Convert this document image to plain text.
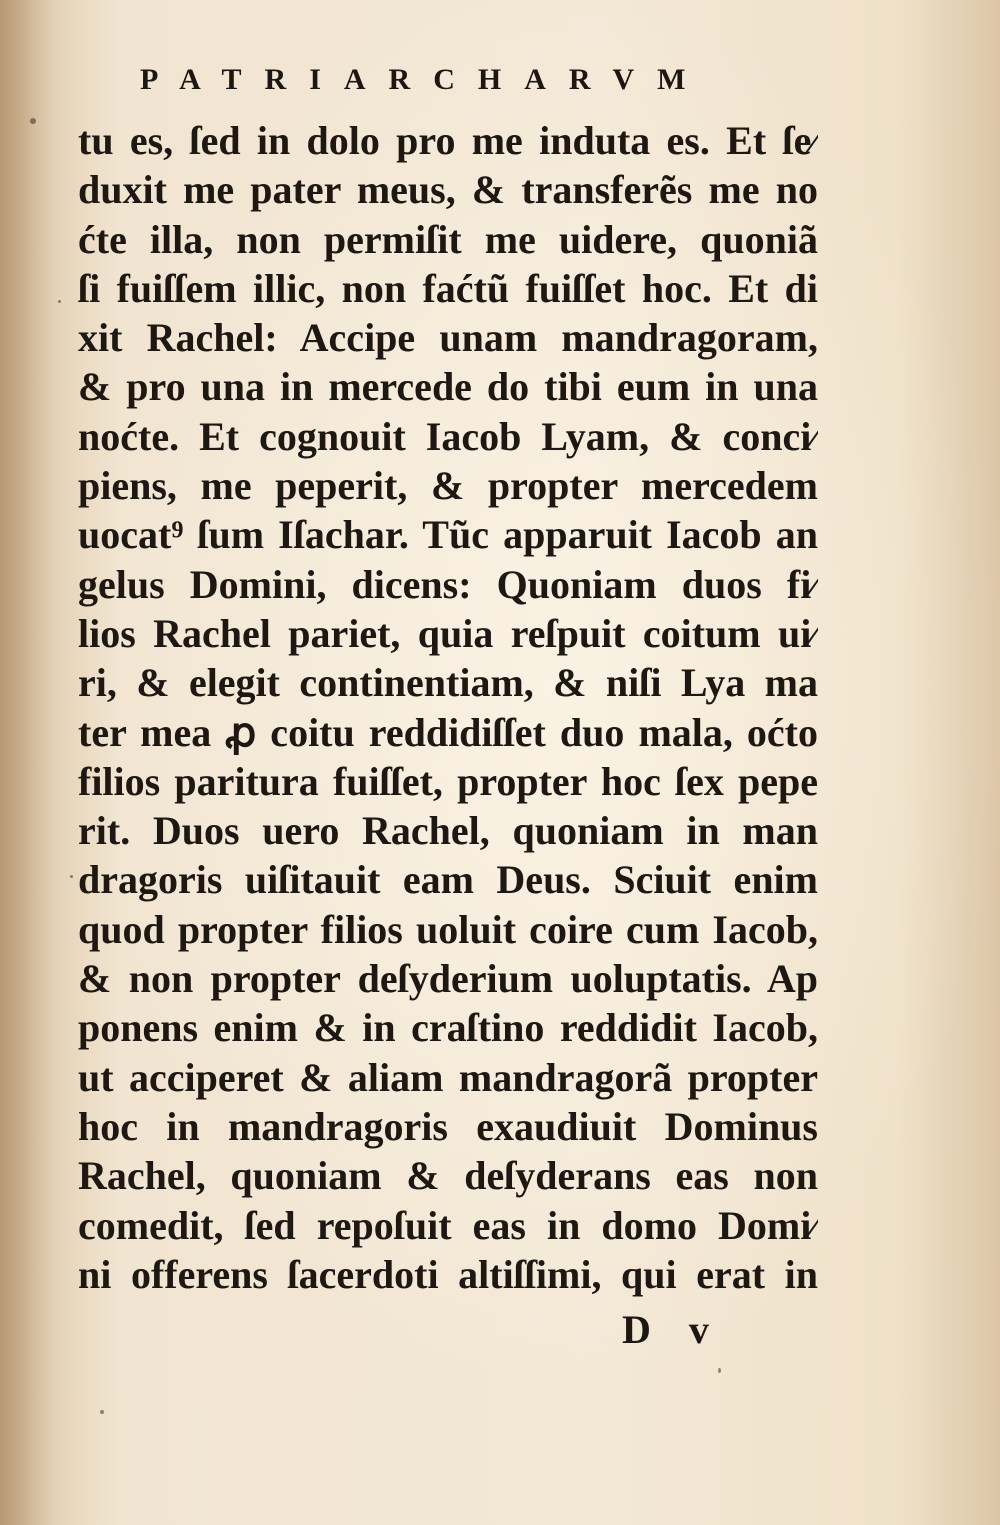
PATRIARCHARVM
tu es, ſed in dolo pro me induta es. Et ſe⁄
duxit me pater meus, & transferẽs me no
ćte illa, non permiſit me uidere, quoniã
ſi fuiſſem illic, non faćtũ fuiſſet hoc. Et di
xit Rachel: Accipe unam mandragoram,
& pro una in mercede do tibi eum in una
noćte. Et cognouit Iacob Lyam, & conci⁄
piens, me peperit, & propter mercedem
uocat⁹ ſum Iſachar. Tũc apparuit Iacob an
gelus Domini, dicens: Quoniam duos fi⁄
lios Rachel pariet, quia reſpuit coitum ui⁄
ri, & elegit continentiam, & niſi Lya ma
ter mea ꝓ coitu reddidiſſet duo mala, oćto
filios paritura fuiſſet, propter hoc ſex pepe
rit. Duos uero Rachel, quoniam in man
dragoris uiſitauit eam Deus. Sciuit enim
quod propter filios uoluit coire cum Iacob,
& non propter deſyderium uoluptatis. Ap
ponens enim & in craſtino reddidit Iacob,
ut acciperet & aliam mandragorã propter
hoc in mandragoris exaudiuit Dominus
Rachel, quoniam & deſyderans eas non
comedit, ſed repoſuit eas in domo Domi⁄
ni offerens ſacerdoti altiſſimi, qui erat in
D v
